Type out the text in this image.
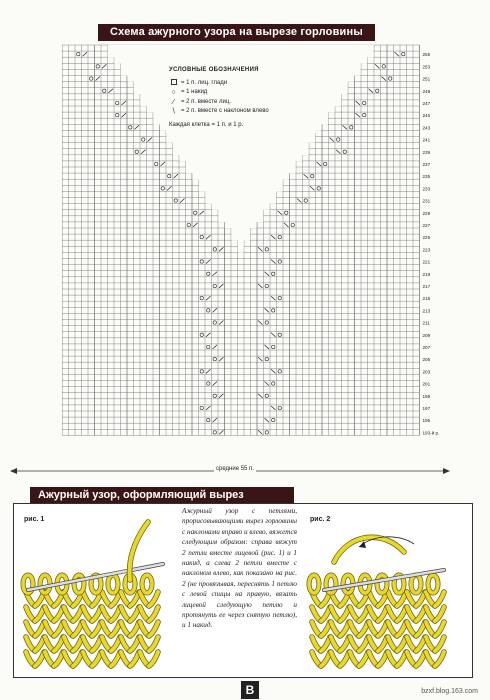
Схема ажурного узора на вырезе горловины
193-й р.
195
197
199
201
203
205
207
209
211
213
215
217
219
221
223
225
227
229
231
233
235
237
239
241
243
245
247
249
251
253
255
УСЛОВНЫЕ ОБОЗНАЧЕНИЯ
= 1 п. лиц. глади
○ = 1 накид
⁄	= 2 п. вместе лиц.
∖ = 2 п. вместе с наклоном влево
Каждая клетка = 1 п. и 1 р.
средние 55 п.
Ажурный узор, оформляющий вырез
рис. 1	рис. 2
Ажурный узор с петлями, прорисовывающими вырез горловины с наклонами вправо и влево, вяжется следующим образом: справа вяжут 2 петли вместе лицевой (рис. 1) и 1 накид, а слева 2 петли вместе с наклоном влево, как показано на рис. 2 (не провязывая, переснять 1 петлю с левой спицы на правую, вязать лицевой следующую петлю и протянуть ее через снятую петлю), и 1 накид.
B	bzxf.blog.163.com
